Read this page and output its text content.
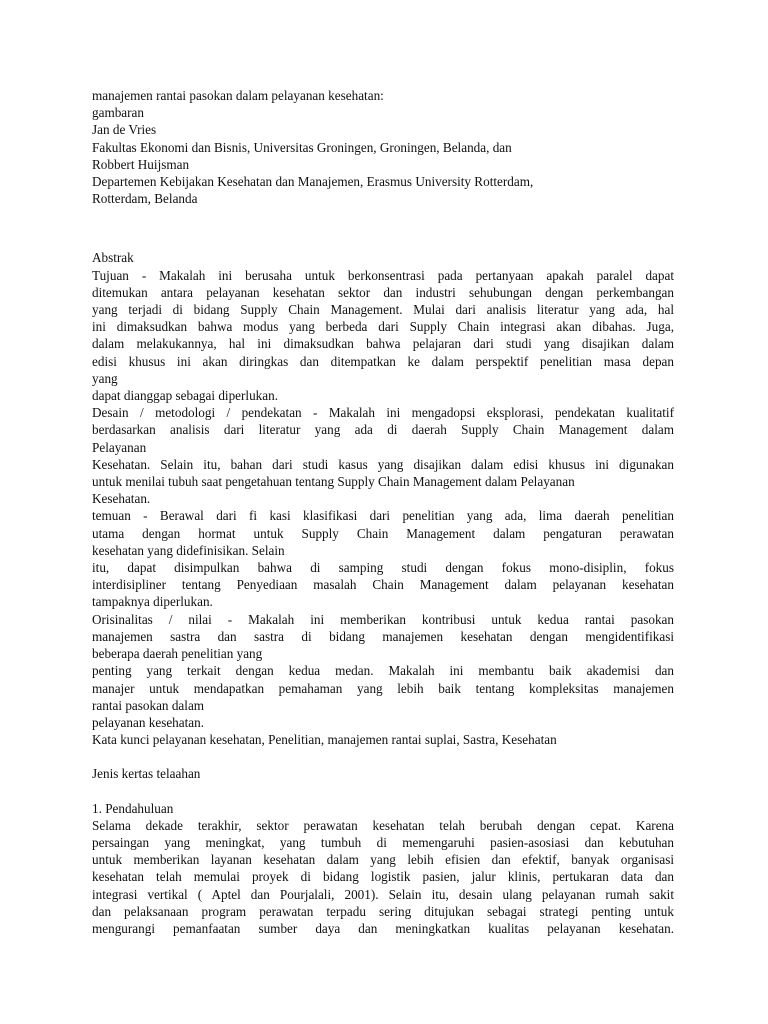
manajemen rantai pasokan dalam pelayanan kesehatan:
gambaran
Jan de Vries
Fakultas Ekonomi dan Bisnis, Universitas Groningen, Groningen, Belanda, dan
Robbert Huijsman
Departemen Kebijakan Kesehatan dan Manajemen, Erasmus University Rotterdam,
Rotterdam, Belanda
Abstrak
Tujuan - Makalah ini berusaha untuk berkonsentrasi pada pertanyaan apakah paralel dapat
ditemukan antara pelayanan kesehatan sektor dan industri sehubungan dengan perkembangan
yang terjadi di bidang Supply Chain Management. Mulai dari analisis literatur yang ada, hal
ini dimaksudkan bahwa modus yang berbeda dari Supply Chain integrasi akan dibahas. Juga,
dalam melakukannya, hal ini dimaksudkan bahwa pelajaran dari studi yang disajikan dalam
edisi khusus ini akan diringkas dan ditempatkan ke dalam perspektif penelitian masa depan
yang
dapat dianggap sebagai diperlukan.
Desain / metodologi / pendekatan - Makalah ini mengadopsi eksplorasi, pendekatan kualitatif
berdasarkan analisis dari literatur yang ada di daerah Supply Chain Management dalam
Pelayanan
Kesehatan. Selain itu, bahan dari studi kasus yang disajikan dalam edisi khusus ini digunakan
untuk menilai tubuh saat pengetahuan tentang Supply Chain Management dalam Pelayanan
Kesehatan.
temuan - Berawal dari fi kasi klasifikasi dari penelitian yang ada, lima daerah penelitian
utama dengan hormat untuk Supply Chain Management dalam pengaturan perawatan
kesehatan yang didefinisikan. Selain
itu, dapat disimpulkan bahwa di samping studi dengan fokus mono-disiplin, fokus
interdisipliner tentang Penyediaan masalah Chain Management dalam pelayanan kesehatan
tampaknya diperlukan.
Orisinalitas / nilai - Makalah ini memberikan kontribusi untuk kedua rantai pasokan
manajemen sastra dan sastra di bidang manajemen kesehatan dengan mengidentifikasi
beberapa daerah penelitian yang
penting yang terkait dengan kedua medan. Makalah ini membantu baik akademisi dan
manajer untuk mendapatkan pemahaman yang lebih baik tentang kompleksitas manajemen
rantai pasokan dalam
pelayanan kesehatan.
Kata kunci pelayanan kesehatan, Penelitian, manajemen rantai suplai, Sastra, Kesehatan
Jenis kertas telaahan
1. Pendahuluan
Selama dekade terakhir, sektor perawatan kesehatan telah berubah dengan cepat. Karena
persaingan yang meningkat, yang tumbuh di memengaruhi pasien-asosiasi dan kebutuhan
untuk memberikan layanan kesehatan dalam yang lebih efisien dan efektif, banyak organisasi
kesehatan telah memulai proyek di bidang logistik pasien, jalur klinis, pertukaran data dan
integrasi vertikal ( Aptel dan Pourjalali, 2001). Selain itu, desain ulang pelayanan rumah sakit
dan pelaksanaan program perawatan terpadu sering ditujukan sebagai strategi penting untuk
mengurangi pemanfaatan sumber daya dan meningkatkan kualitas pelayanan kesehatan.
